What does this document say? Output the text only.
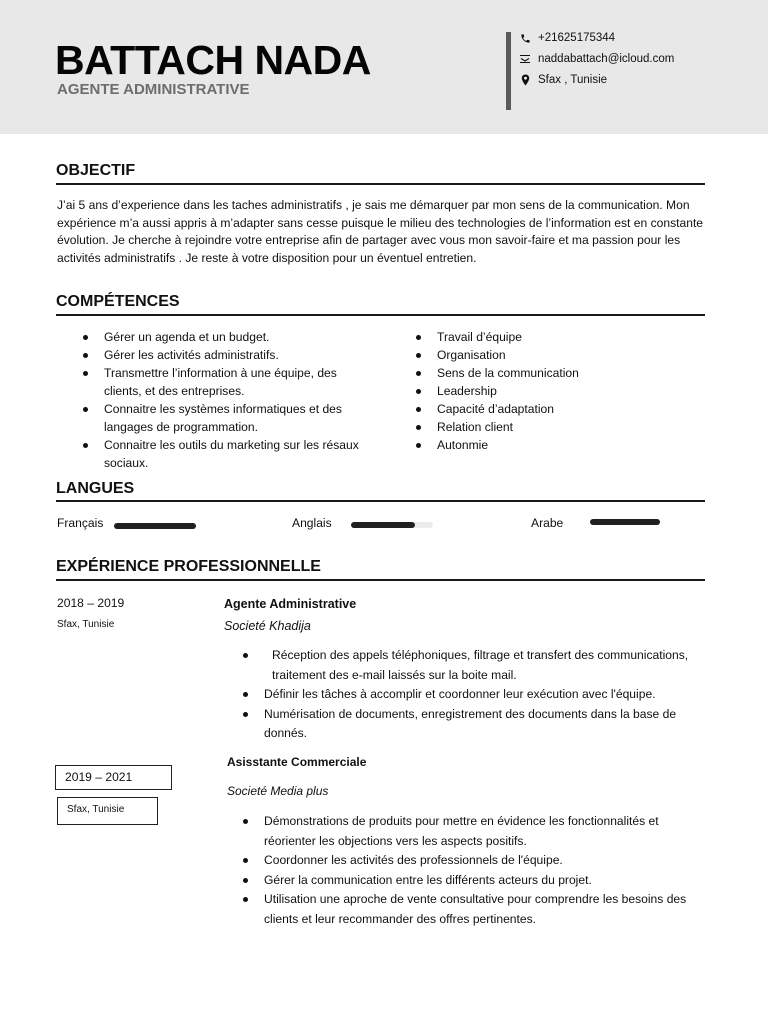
BATTACH NADA
AGENTE ADMINISTRATIVE
+21625175344
naddabattach@icloud.com
Sfax , Tunisie
OBJECTIF

J’ai 5 ans d’experience dans les taches administratifs , je sais me démarquer par mon sens de la communication. Mon expérience m’a aussi appris à m’adapter sans cesse puisque le milieu des technologies de l’information est en constante évolution. Je cherche à rejoindre votre entreprise afin de partager avec vous mon savoir-faire et ma passion pour les activités administratifs . Je reste à votre disposition pour un éventuel entretien.

COMPÉTENCES
Gérer un agenda et un budget.
Gérer les activités administratifs.
Transmettre l’information à une équipe, des clients, et des entreprises.
Connaitre les systèmes informatiques et des langages de programmation.
Connaitre les outils du marketing sur les résaux sociaux.
Travail d’équipe
Organisation
Sens de la communication
Leadership
Capacité d’adaptation
Relation client
Autonmie
LANGUES
Français	Anglais	Arabe
EXPÉRIENCE PROFESSIONNELLE
2018 – 2019
Sfax, Tunisie
Agente Administrative
Societé Khadija
Réception des appels téléphoniques, filtrage et transfert des communications, traitement des e-mail laissés sur la boite mail.
Définir les tâches à accomplir et coordonner leur exécution avec l'équipe.
Numérisation de documents, enregistrement des documents dans la base de donnés.
2019 – 2021
Sfax, Tunisie
Asisstante Commerciale
Societé Media plus
Démonstrations de produits pour mettre en évidence les fonctionnalités et réorienter les objections vers les aspects positifs.
Coordonner les activités des professionnels de l'équipe.
Gérer la communication entre les différents acteurs du projet.
Utilisation une aproche de vente consultative pour comprendre les besoins des clients et leur recommander des offres pertinentes.
